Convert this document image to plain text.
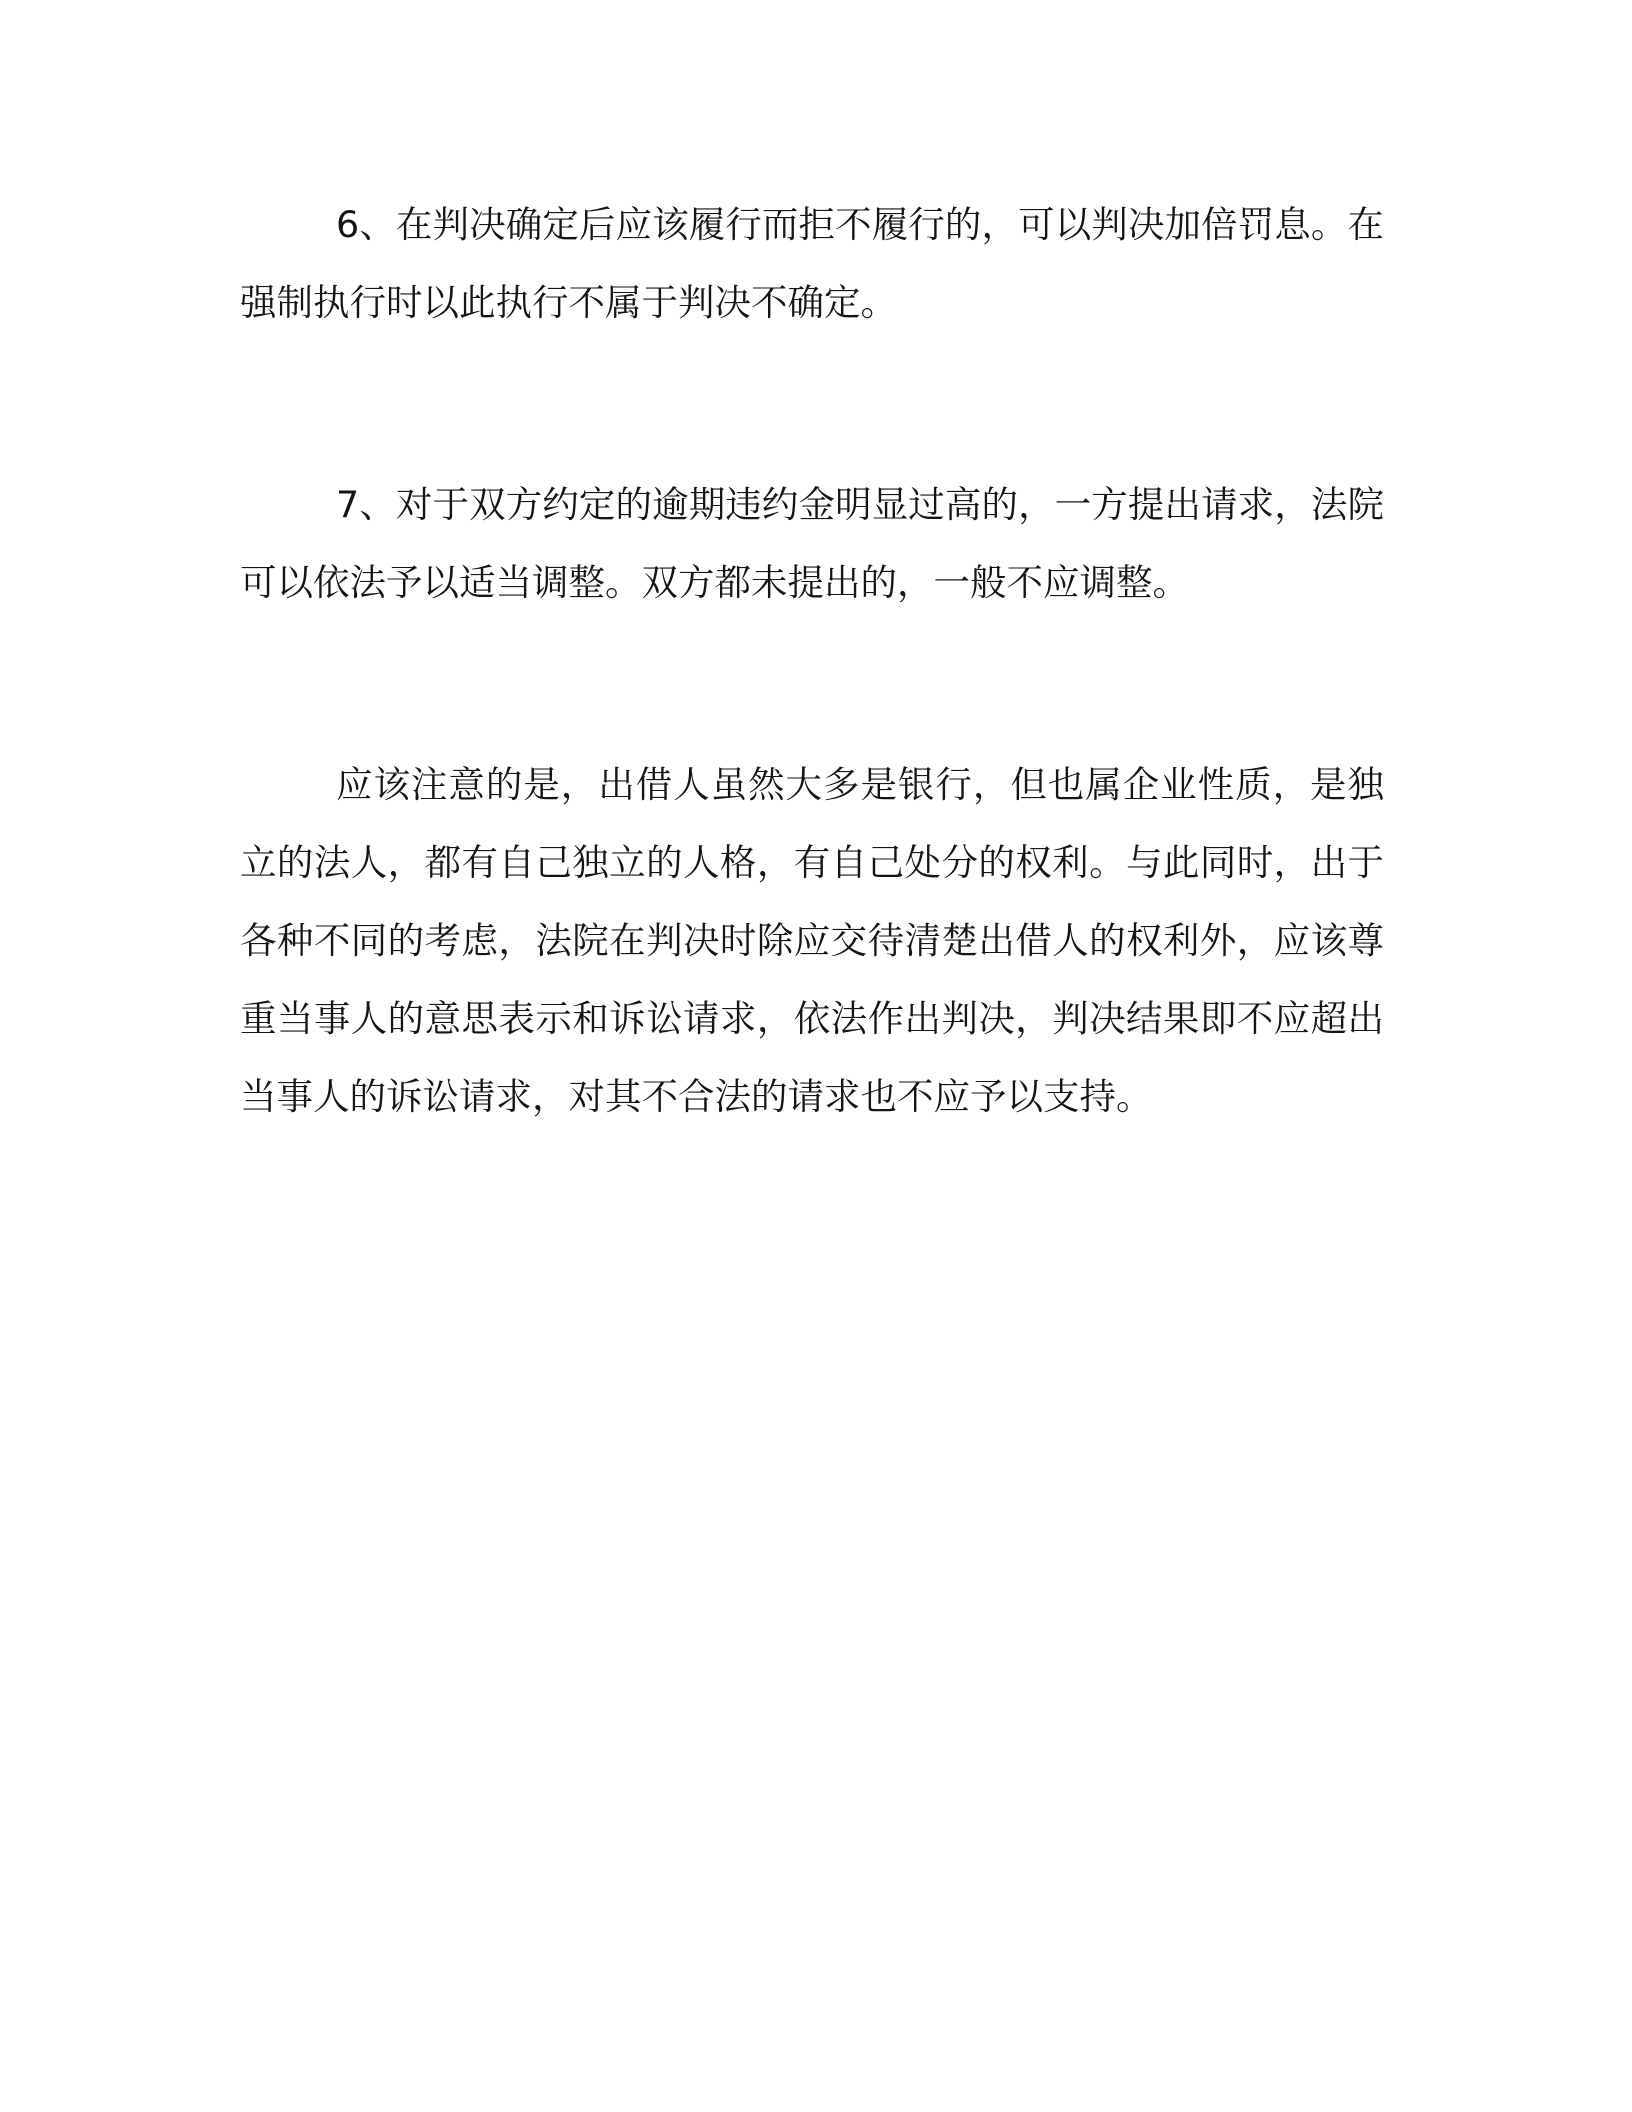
6、在判决确定后应该履行而拒不履行的，可以判决加倍罚息。在强制执行时以此执行不属于判决不确定。

7、对于双方约定的逾期违约金明显过高的，一方提出请求，法院可以依法予以适当调整。双方都未提出的，一般不应调整。

应该注意的是，出借人虽然大多是银行，但也属企业性质，是独立的法人，都有自己独立的人格，有自己处分的权利。与此同时，出于各种不同的考虑，法院在判决时除应交待清楚出借人的权利外，应该尊重当事人的意思表示和诉讼请求，依法作出判决，判决结果即不应超出当事人的诉讼请求，对其不合法的请求也不应予以支持。
